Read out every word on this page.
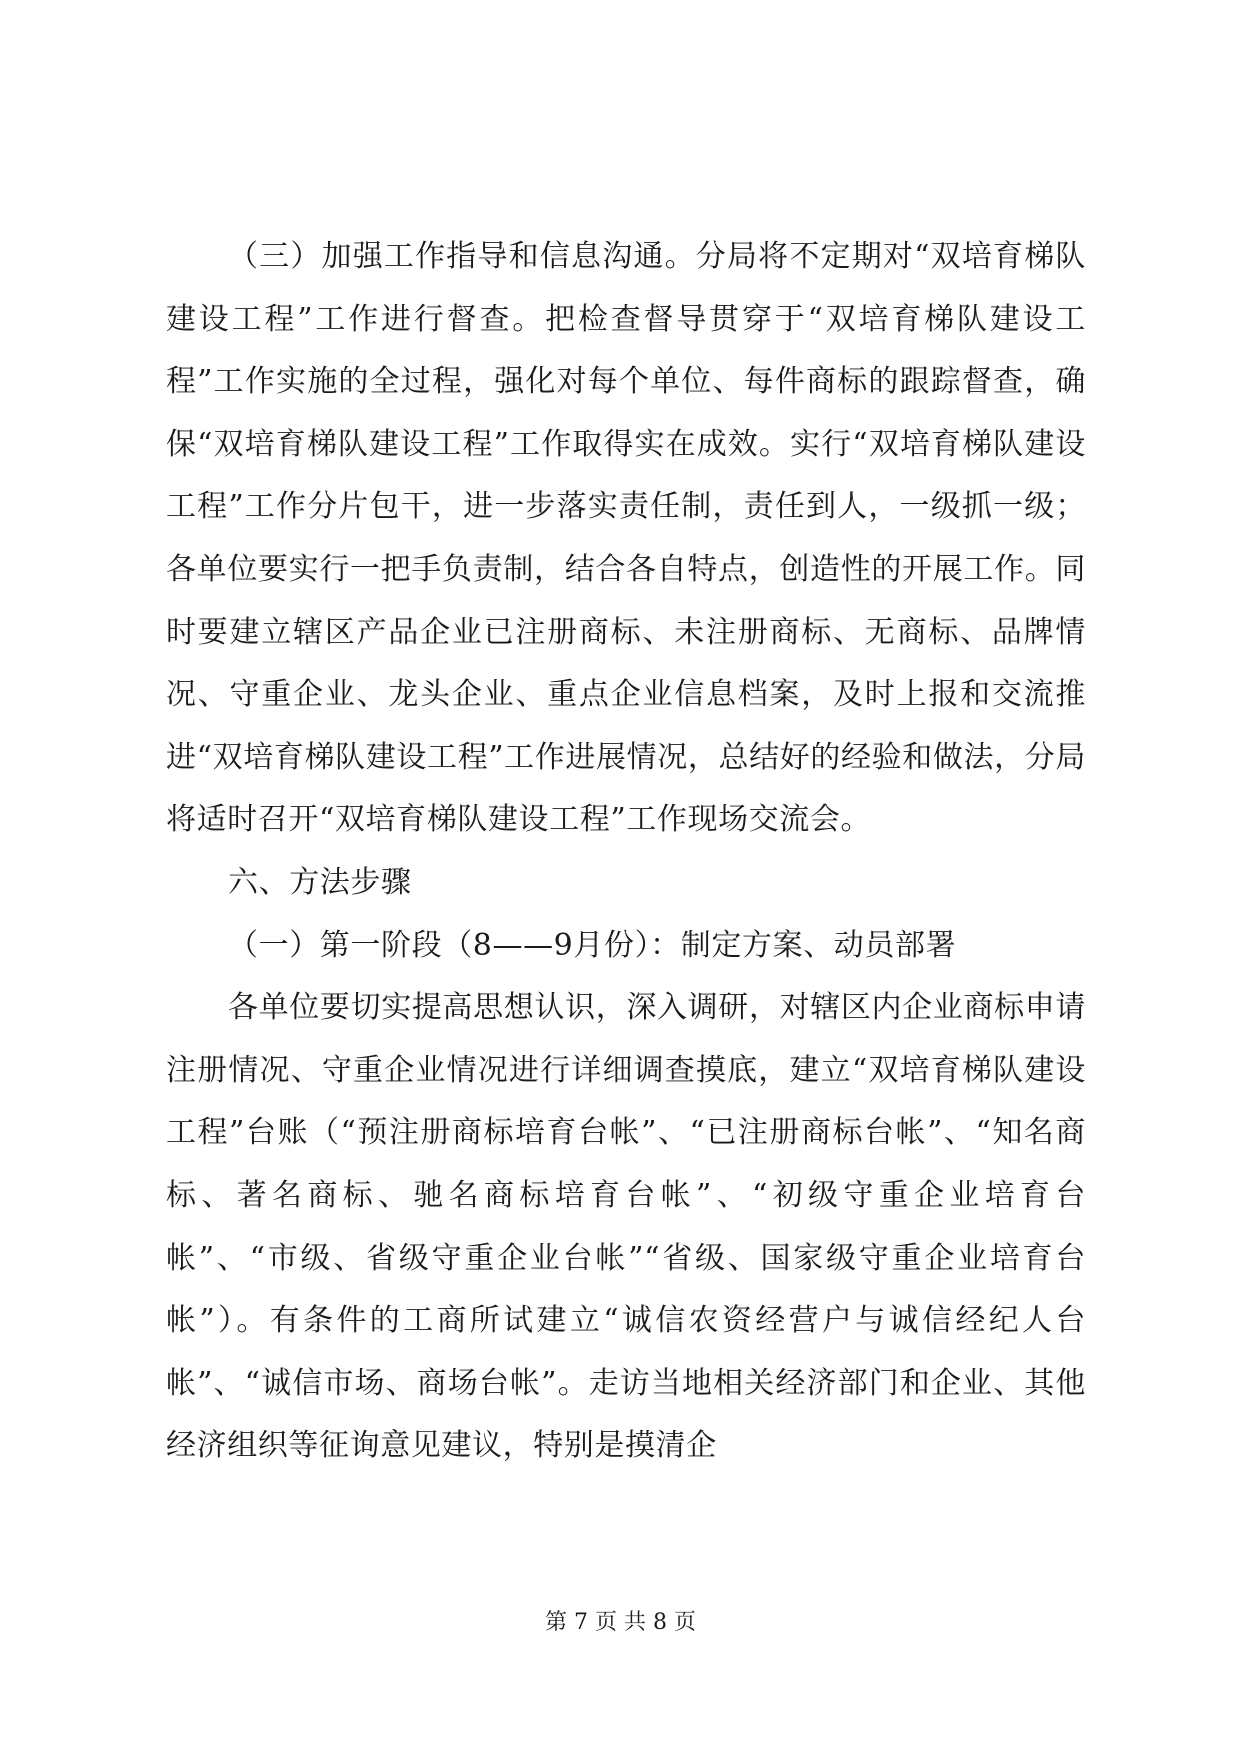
（三）加强工作指导和信息沟通。分局将不定期对“双培育梯队建设工程”工作进行督查。把检查督导贯穿于“双培育梯队建设工程”工作实施的全过程，强化对每个单位、每件商标的跟踪督查，确保“双培育梯队建设工程”工作取得实在成效。实行“双培育梯队建设工程”工作分片包干，进一步落实责任制，责任到人，一级抓一级；各单位要实行一把手负责制，结合各自特点，创造性的开展工作。同时要建立辖区产品企业已注册商标、未注册商标、无商标、品牌情况、守重企业、龙头企业、重点企业信息档案，及时上报和交流推进“双培育梯队建设工程”工作进展情况，总结好的经验和做法，分局将适时召开“双培育梯队建设工程”工作现场交流会。

六、方法步骤

（一）第一阶段（8——9月份）：制定方案、动员部署

各单位要切实提高思想认识，深入调研，对辖区内企业商标申请注册情况、守重企业情况进行详细调查摸底，建立“双培育梯队建设工程”台账（“预注册商标培育台帐”、“已注册商标台帐”、“知名商标、著名商标、驰名商标培育台帐”、“初级守重企业培育台帐”、“市级、省级守重企业台帐”“省级、国家级守重企业培育台帐”）。有条件的工商所试建立“诚信农资经营户与诚信经纪人台帐”、“诚信市场、商场台帐”。走访当地相关经济部门和企业、其他经济组织等征询意见建议，特别是摸清企

第 7 页 共 8 页
